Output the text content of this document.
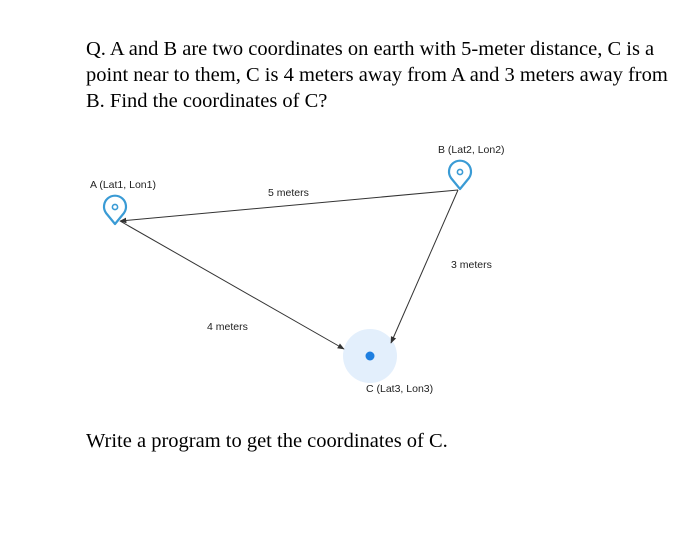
Q. A and B are two coordinates on earth with 5-meter distance, C is a point near to them, C is 4 meters away from A and 3 meters away from B. Find the coordinates of C?
A (Lat1, Lon1)
B (Lat2, Lon2)
C (Lat3, Lon3)
5 meters
3 meters
4 meters
Write a program to get the coordinates of C.
